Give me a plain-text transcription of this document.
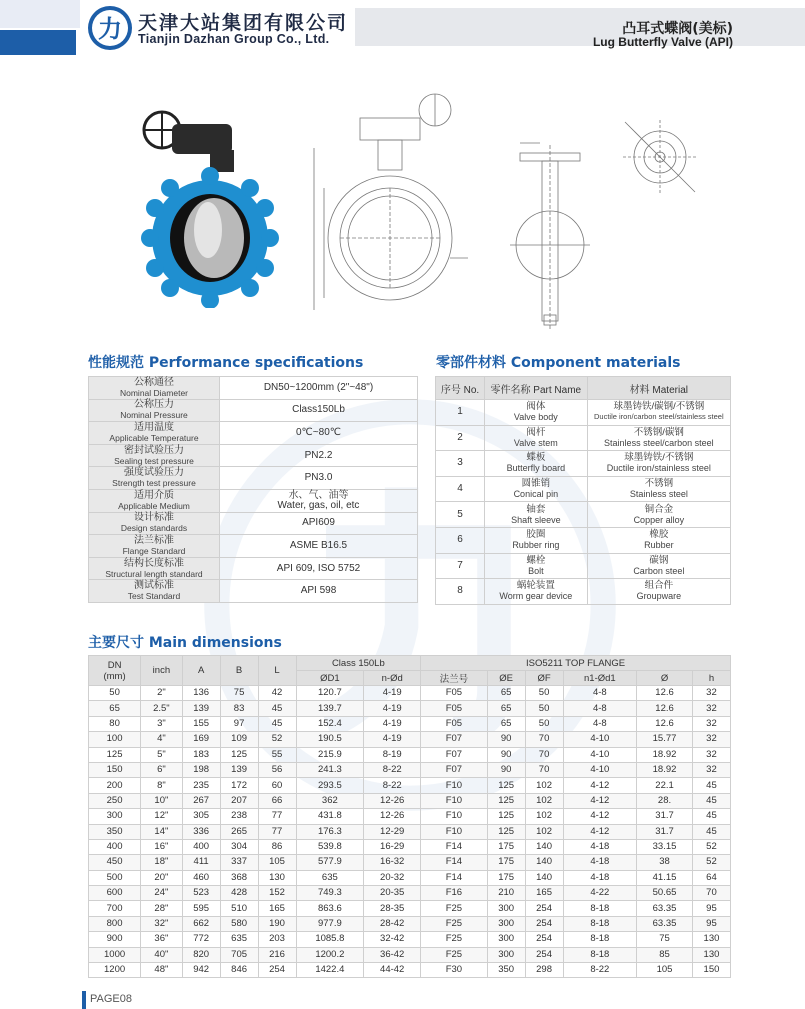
力 天津大站集团有限公司
Tianjin Dazhan Group Co., Ltd.
凸耳式蝶阀(美标)
Lug Butterfly Valve (API)
性能规范 Performance specifications	零部件材料 Component materials
主要尺寸 Main dimensions
公称通径
Nominal Diameter	DN50~1200mm (2"~48")

公称压力
Nominal Pressure	Class150Lb

适用温度
Applicable Temperature	0℃~80℃

密封试验压力
Sealing test pressure	PN2.2

强度试验压力
Strength test pressure	PN3.0

适用介质
Applicable Medium	水、气、油等
Water, gas, oil, etc

设计标准
Design standards	API609

法兰标准
Flange Standard	ASME B16.5

结构长度标准
Structural length standard	API 609, ISO 5752

测试标准
Test Standard	API 598
序号 No.	零件名称 Part Name	材料 Material
1	阀体
Valve body	球墨铸铁/碳钢/不锈钢
Ductile iron/carbon steel/stainless steel

2	阀杆
Valve stem	不锈钢/碳钢
Stainless steel/carbon steel

3	蝶板
Butterfly board	球墨铸铁/不锈钢
Ductile iron/stainless steel

4	圆锥销
Conical pin	不锈钢
Stainless steel

5	轴套
Shaft sleeve	铜合金
Copper alloy

6	胶圈
Rubber ring	橡胶
Rubber

7	螺栓
Bolt	碳钢
Carbon steel

8	蜗轮装置
Worm gear device	组合件
Groupware
DN
(mm)	inch	A	B	L	Class 150Lb		ISO5211 TOP FLANGE					
					ØD1	n-Ød	法兰号	ØE	ØF	n1-Ød1	Ø	h
50	2"	136	75	42	120.7	4-19	F05	65	50	4-8	12.6	32
65	2.5"	139	83	45	139.7	4-19	F05	65	50	4-8	12.6	32
80	3"	155	97	45	152.4	4-19	F05	65	50	4-8	12.6	32
100	4"	169	109	52	190.5	4-19	F07	90	70	4-10	15.77	32
125	5"	183	125	55	215.9	8-19	F07	90	70	4-10	18.92	32
150	6"	198	139	56	241.3	8-22	F07	90	70	4-10	18.92	32
200	8"	235	172	60	293.5	8-22	F10	125	102	4-12	22.1	45
250	10"	267	207	66	362	12-26	F10	125	102	4-12	28.	45
300	12"	305	238	77	431.8	12-26	F10	125	102	4-12	31.7	45
350	14"	336	265	77	176.3	12-29	F10	125	102	4-12	31.7	45
400	16"	400	304	86	539.8	16-29	F14	175	140	4-18	33.15	52
450	18"	411	337	105	577.9	16-32	F14	175	140	4-18	38	52
500	20"	460	368	130	635	20-32	F14	175	140	4-18	41.15	64
600	24"	523	428	152	749.3	20-35	F16	210	165	4-22	50.65	70
700	28"	595	510	165	863.6	28-35	F25	300	254	8-18	63.35	95
800	32"	662	580	190	977.9	28-42	F25	300	254	8-18	63.35	95
900	36"	772	635	203	1085.8	32-42	F25	300	254	8-18	75	130
1000	40"	820	705	216	1200.2	36-42	F25	300	254	8-18	85	130
1200	48"	942	846	254	1422.4	44-42	F30	350	298	8-22	105	150
PAGE08
